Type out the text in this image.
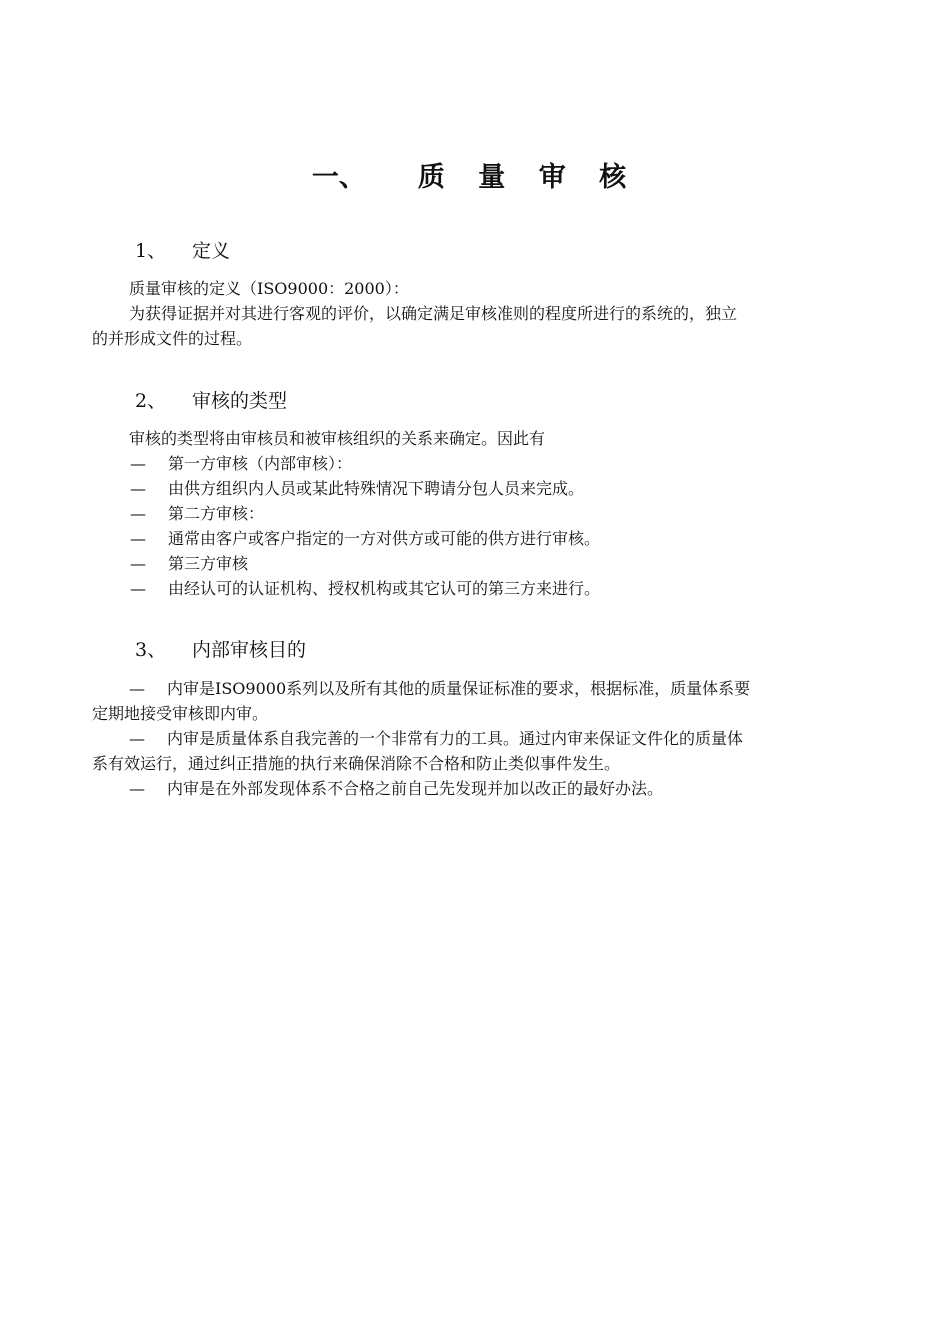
一、 质 量 审 核
1、 定义
质量审核的定义（ISO9000：2000）：
为获得证据并对其进行客观的评价，以确定满足审核准则的程度所进行的系统的，独立
的并形成文件的过程。
2、 审核的类型
审核的类型将由审核员和被审核组织的关系来确定。因此有
— 第一方审核（内部审核）：
— 由供方组织内人员或某此特殊情况下聘请分包人员来完成。
— 第二方审核：
— 通常由客户或客户指定的一方对供方或可能的供方进行审核。
— 第三方审核
— 由经认可的认证机构、授权机构或其它认可的第三方来进行。
3、 内部审核目的
— 内审是ISO9000系列以及所有其他的质量保证标准的要求，根据标准，质量体系要
定期地接受审核即内审。
— 内审是质量体系自我完善的一个非常有力的工具。通过内审来保证文件化的质量体
系有效运行，通过纠正措施的执行来确保消除不合格和防止类似事件发生。
— 内审是在外部发现体系不合格之前自己先发现并加以改正的最好办法。
